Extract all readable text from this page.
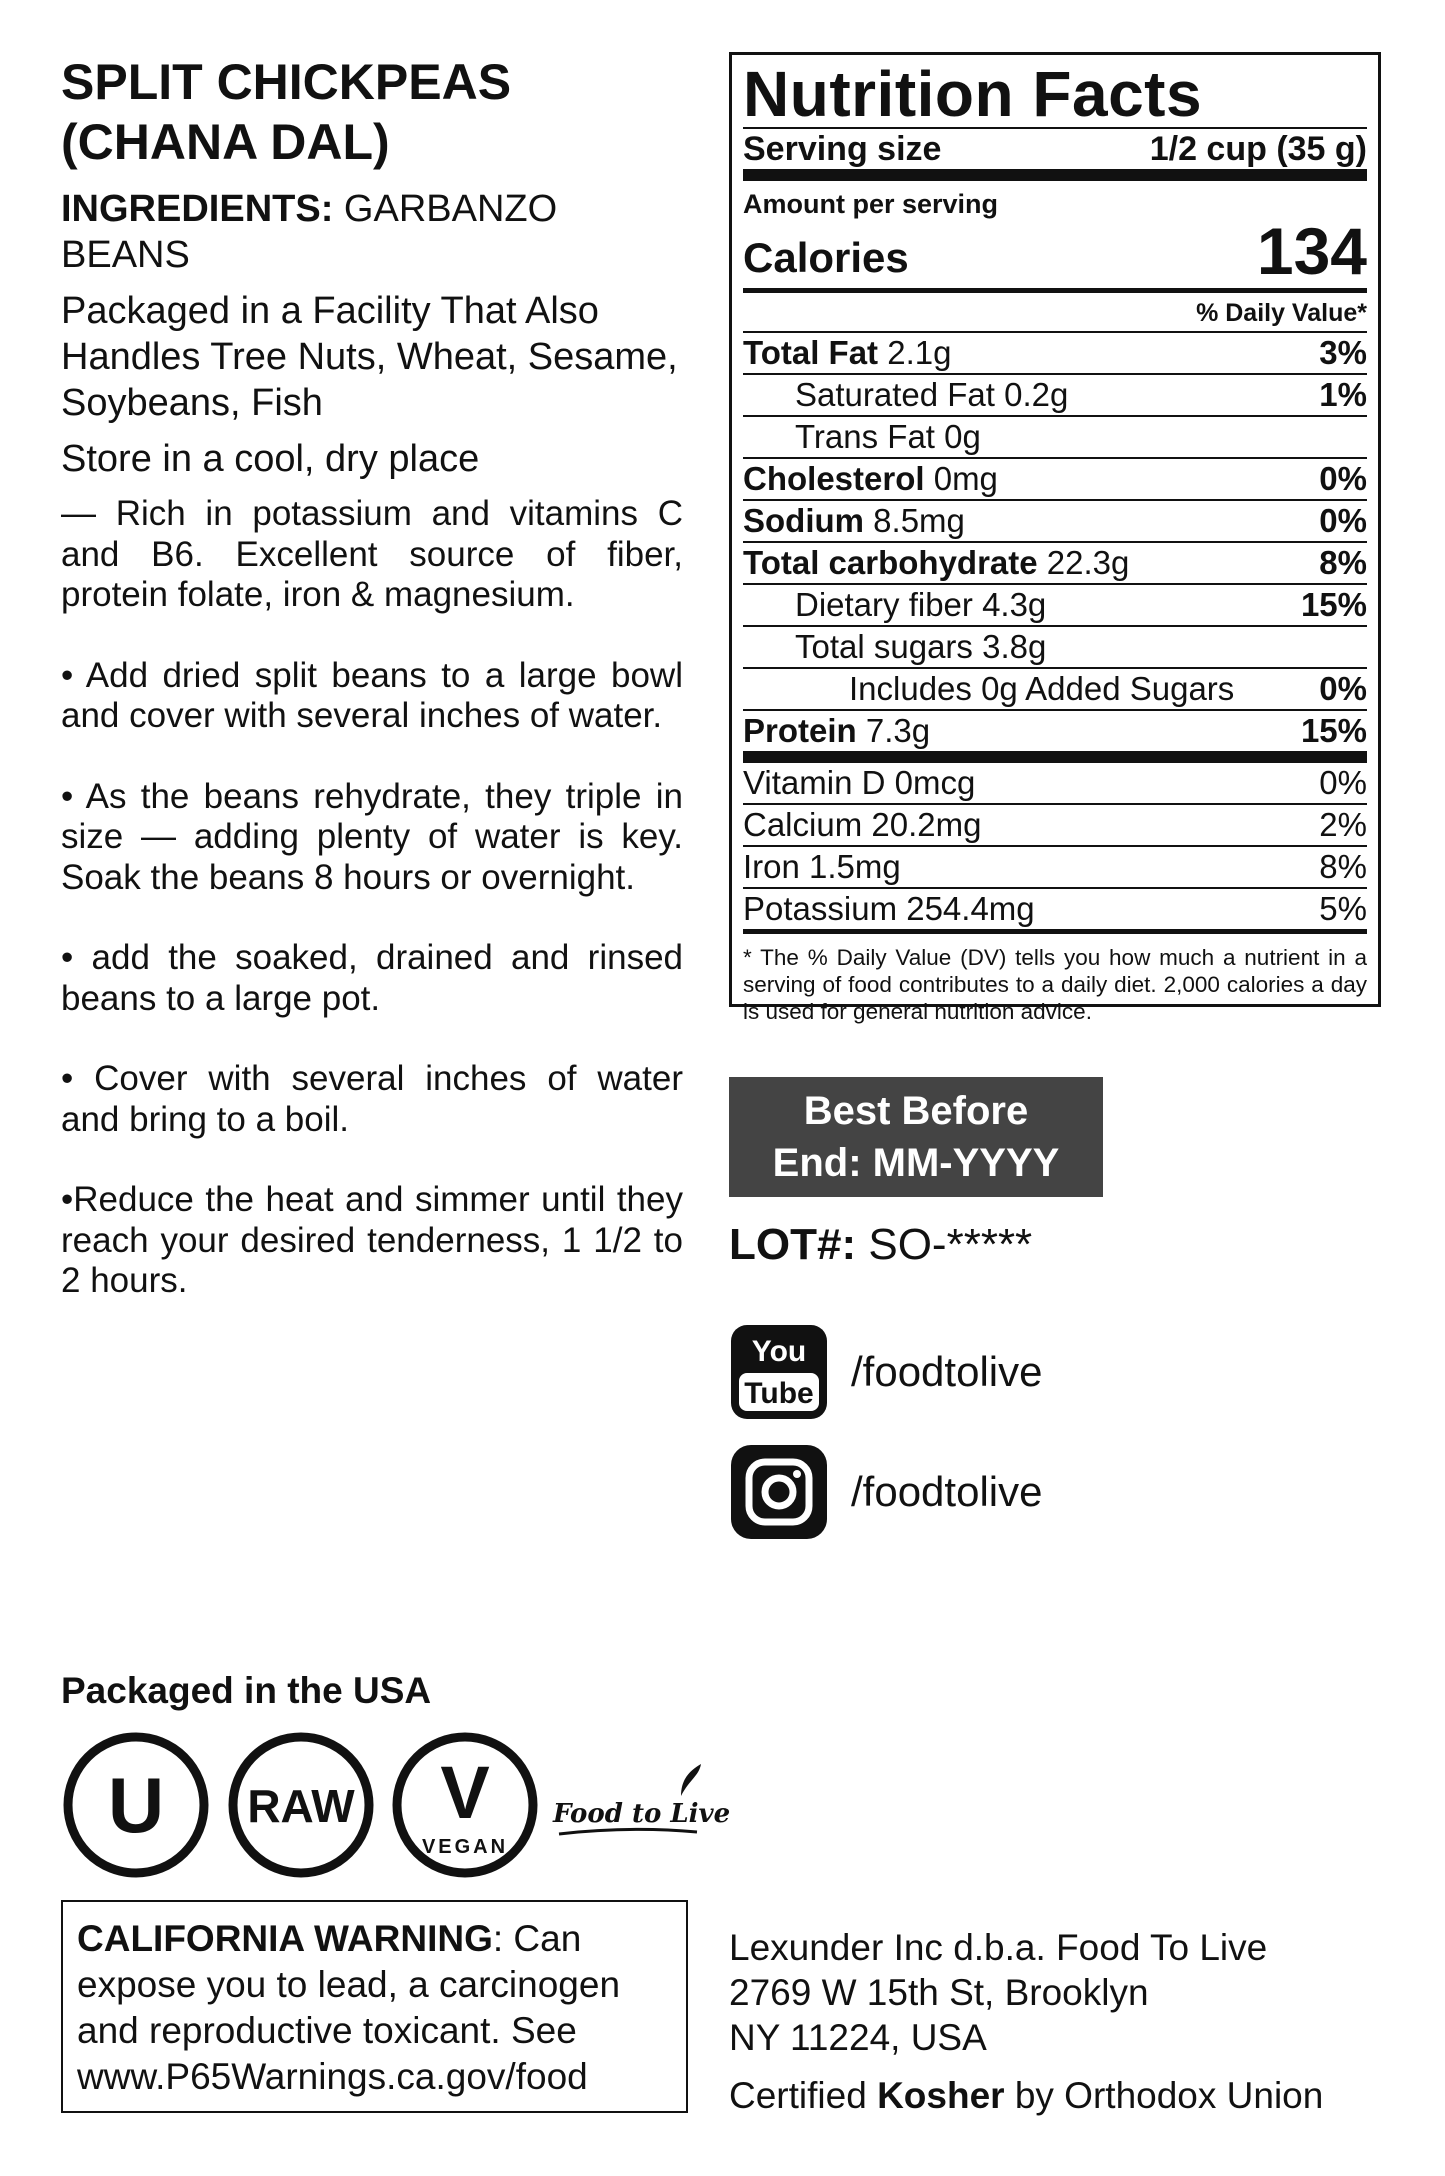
SPLIT CHICKPEAS
(CHANA DAL)
INGREDIENTS: GARBANZO BEANS
Packaged in a Facility That Also Handles Tree Nuts, Wheat, Sesame, Soybeans, Fish
Store in a cool, dry place

— Rich in potassium and vitamins C and B6. Excellent source of fiber, protein folate, iron & magnesium.

• Add dried split beans to a large bowl and cover with several inches of water.

• As the beans rehydrate, they triple in size — adding plenty of water is key. Soak the beans 8 hours or overnight.

• add the soaked, drained and rinsed beans to a large pot.

• Cover with several inches of water and bring to a boil.

•Reduce the heat and simmer until they reach your desired tenderness, 1 1/2 to 2 hours.

Nutrition Facts
Serving size	1/2 cup (35 g)
Amount per serving
Calories	134
% Daily Value*
Total Fat 2.1g	3%
Saturated Fat 0.2g	1%
Trans Fat 0g
Cholesterol 0mg	0%
Sodium 8.5mg	0%
Total carbohydrate 22.3g	8%
Dietary fiber 4.3g	15%
Total sugars 3.8g
Includes 0g Added Sugars	0%
Protein 7.3g	15%
Vitamin D 0mcg	0%
Calcium 20.2mg	2%
Iron 1.5mg	8%
Potassium 254.4mg	5%
* The % Daily Value (DV) tells you how much a nutrient in a serving of food contributes to a daily diet. 2,000 calories a day is used for general nutrition advice.
Best Before
End: MM-YYYY
LOT#: SO-*****
You
Tube /foodtolive
/foodtolive
Packaged in the USA
U RAW V
VEGAN
Food to Live
CALIFORNIA WARNING: Can expose you to lead, a carcinogen and reproductive toxicant. See www.P65Warnings.ca.gov/food
Lexunder Inc d.b.a. Food To Live
2769 W 15th St, Brooklyn
NY 11224, USA
Certified Kosher by Orthodox Union
